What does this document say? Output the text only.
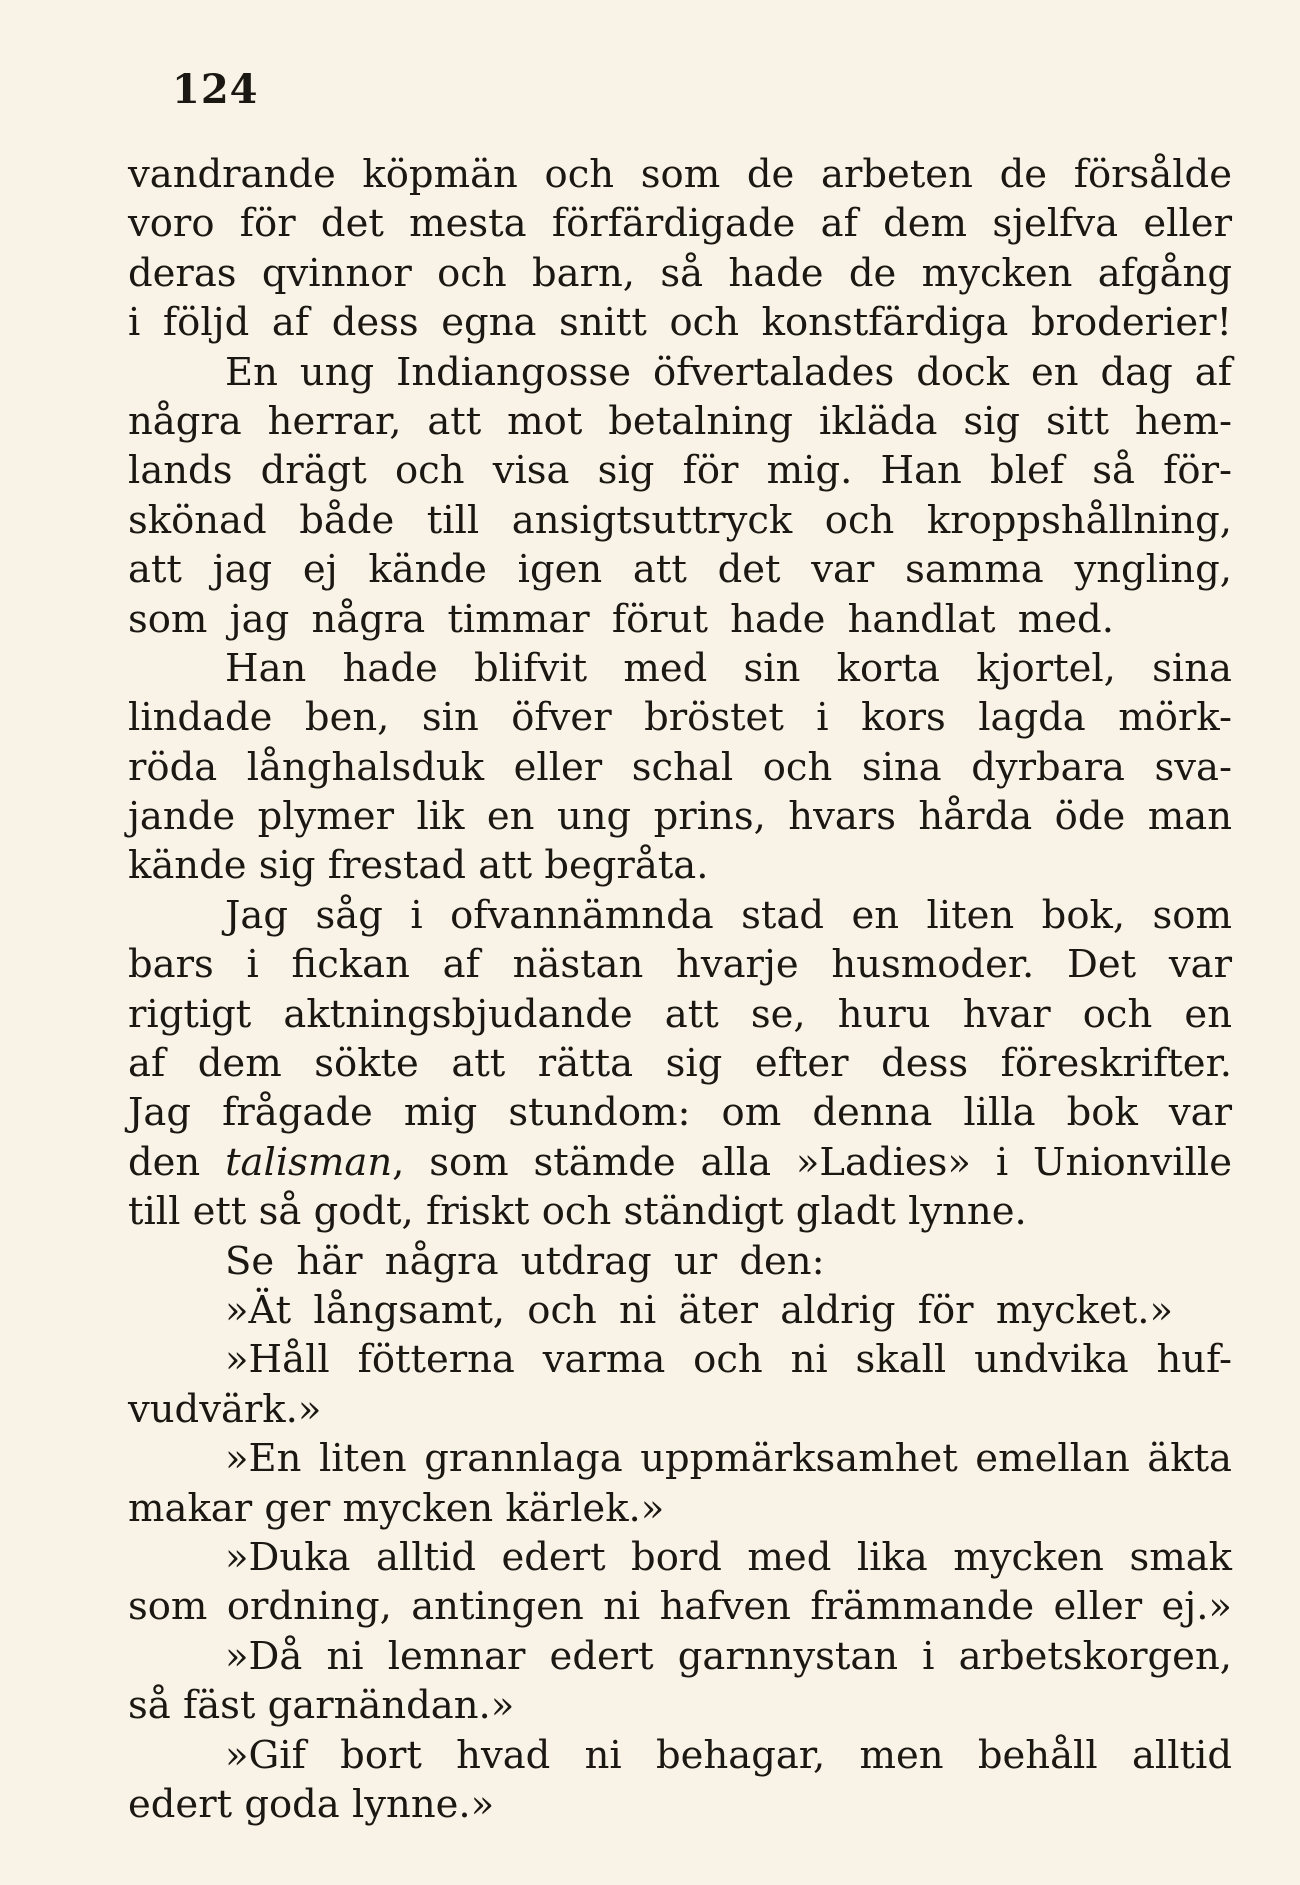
124
vandrande köpmän och som de arbeten de försålde
voro för det mesta förfärdigade af dem sjelfva eller
deras qvinnor och barn, så hade de mycken afgång
i följd af dess egna snitt och konstfärdiga broderier!
En ung Indiangosse öfvertalades dock en dag af
några herrar, att mot betalning ikläda sig sitt hem-
lands drägt och visa sig för mig. Han blef så för-
skönad både till ansigtsuttryck och kroppshållning,
att jag ej kände igen att det var samma yngling,
som jag några timmar förut hade handlat med.
Han hade blifvit med sin korta kjortel, sina
lindade ben, sin öfver bröstet i kors lagda mörk-
röda långhalsduk eller schal och sina dyrbara sva-
jande plymer lik en ung prins, hvars hårda öde man
kände sig frestad att begråta.
Jag såg i ofvannämnda stad en liten bok, som
bars i fickan af nästan hvarje husmoder. Det var
rigtigt aktningsbjudande att se, huru hvar och en
af dem sökte att rätta sig efter dess föreskrifter.
Jag frågade mig stundom: om denna lilla bok var
den talisman, som stämde alla »Ladies» i Unionville
till ett så godt, friskt och ständigt gladt lynne.
Se här några utdrag ur den:
»Ät långsamt, och ni äter aldrig för mycket.»
»Håll fötterna varma och ni skall undvika huf-
vudvärk.»
»En liten grannlaga uppmärksamhet emellan äkta
makar ger mycken kärlek.»
»Duka alltid edert bord med lika mycken smak
som ordning, antingen ni hafven främmande eller ej.»
»Då ni lemnar edert garnnystan i arbetskorgen,
så fäst garnändan.»
»Gif bort hvad ni behagar, men behåll alltid
edert goda lynne.»
